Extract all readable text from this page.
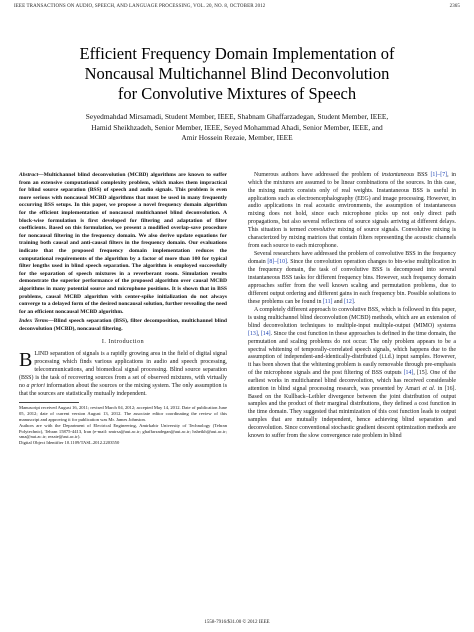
IEEE TRANSACTIONS ON AUDIO, SPEECH, AND LANGUAGE PROCESSING, VOL. 20, NO. 8, OCTOBER 2012	2365
Efficient Frequency Domain Implementation of
Noncausal Multichannel Blind Deconvolution
for Convolutive Mixtures of Speech
Seyedmahdad Mirsamadi, Student Member, IEEE, Shabnam Ghaffarzadegan, Student Member, IEEE,
Hamid Sheikhzadeh, Senior Member, IEEE, Seyed Mohammad Ahadi, Senior Member, IEEE, and
Amir Hossein Rezaie, Member, IEEE

Abstract—Multichannel blind deconvolution (MCBD) algorithms are known to suffer from an extensive computational complexity problem, which makes them impractical for blind source separation (BSS) of speech and audio signals. This problem is even more serious with noncausal MCBD algorithms that must be used in many frequently occurring BSS setups. In this paper, we propose a novel frequency domain algorithm for the efficient implementation of noncausal multichannel blind deconvolution. A block-wise formulation is first developed for filtering and adaptation of filter coefficients. Based on this formulation, we present a modified overlap-save procedure for noncausal filtering in the frequency domain. We also derive update equations for training both causal and anti-causal filters in the frequency domain. Our evaluations indicate that the proposed frequency domain implementation reduces the computational requirements of the algorithm by a factor of more than 100 for typical filter lengths used in blind speech separation. The algorithm is employed successfully for the separation of speech mixtures in a reverberant room. Simulation results demonstrate the superior performance of the proposed algorithm over causal MCBD algorithms in many potential source and microphone positions. It is shown that in BSS problems, causal MCBD algorithm with center-spike initialization do not always converge to a delayed form of the desired noncausal solution, further revealing the need for an efficient noncausal MCBD algorithm.

Index Terms—Blind speech separation (BSS), filter decomposition, multichannel blind deconvolution (MCBD), noncausal filtering.

I. Introduction

BLIND separation of signals is a rapidly growing area in the field of digital signal processing which finds various applications in audio and speech processing, telecommunications, and biomedical signal processing. Blind source separation (BSS) is the task of recovering sources from a set of observed mixtures, with virtually no a priori information about the sources or the mixing system. The only assumption is that the sources are statistically mutually independent.

Manuscript received August 16, 2011; revised March 04, 2012; accepted May 14, 2012. Date of publication June 05, 2012; date of current version August 13, 2012. The associate editor coordinating the review of this manuscript and approving it for publication was Mr. James Johnston.

Authors are with the Department of Electrical Engineering, Amirkabir University of Technology (Tehran Polytechnic), Tehran 15875-4413, Iran (e-mail: smirsa@aut.ac.ir; ghaffarzadegan@aut.ac.ir; hsheikh@aut.ac.ir; sma@aut.ac.ir; rezaie@aut.ac.ir).

Digital Object Identifier 10.1109/TASL.2012.2203550

Numerous authors have addressed the problem of instantaneous BSS [1]–[7], in which the mixtures are assumed to be linear combinations of the sources. In this case, the mixing matrix consists only of real weights. Instantaneous BSS is useful in applications such as electroencephalography (EEG) and image processing. However, in audio applications in real acoustic environments, the assumption of instantaneous mixing does not hold, since each microphone picks up not only direct path propagations, but also several reflections of source signals arriving at different delays. This situation is termed convolutive mixing of source signals. Convolutive mixing is characterized by mixing matrices that contain filters representing the acoustic channels from each source to each microphone.

Several researchers have addressed the problem of convolutive BSS in the frequency domain [8]–[10]. Since the convolution operation changes to bin-wise multiplication in the frequency domain, the task of convolutive BSS is decomposed into several instantaneous BSS tasks for different frequency bins. However, such frequency domain approaches suffer from the well known scaling and permutation problems, due to different output ordering and different gains in each frequency bin. Possible solutions to these problems can be found in [11] and [12].

A completely different approach to convolutive BSS, which is followed in this paper, is using multichannel blind deconvolution (MCBD) methods, which are an extension of blind deconvolution techniques to multiple-input multiple-output (MIMO) systems [13], [14]. Since the cost function in these approaches is defined in the time domain, the permutation and scaling problems do not occur. The only problem appears to be a spectral whitening of temporally-correlated speech signals, which happens due to the assumption of independent-and-identically-distributed (i.i.d.) input samples. However, it has been shown that the whitening problem is easily removable through pre-emphasis of the microphone signals and the post filtering of BSS outputs [14], [15]. One of the earliest works in multichannel blind deconvolution, which has received considerable attention in blind signal processing research, was presented by Amari et al. in [16]. Based on the Kullback–Leibler divergence between the joint distribution of output samples and the product of their marginal distributions, they defined a cost function in the time domain. They suggested that minimization of this cost function leads to output samples that are mutually independent, hence achieving blind separation and deconvolution. Since conventional stochastic gradient descent optimization methods are known to suffer from the slow convergence rate problem in blind

1558-7916/$31.00 © 2012 IEEE
